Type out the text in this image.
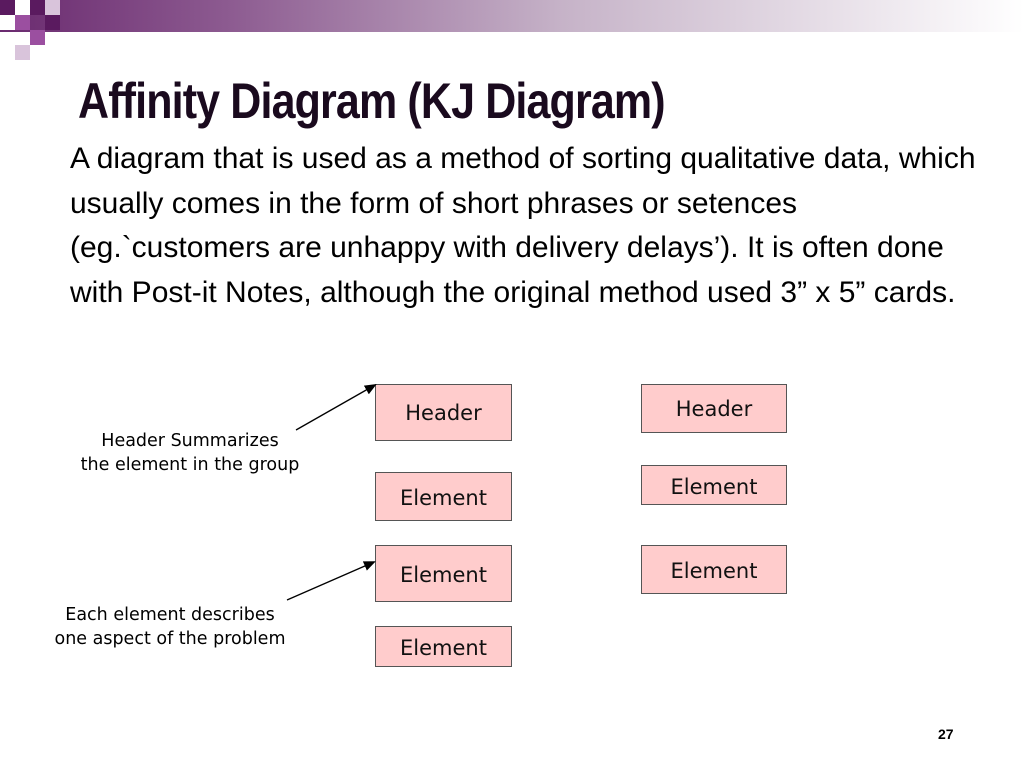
Affinity Diagram (KJ Diagram)
A diagram that is used as a method of sorting qualitative data, which usually comes in the form of short phrases or setences (eg.`customers are unhappy with delivery delays’). It is often done with Post-it Notes, although the original method used 3” x 5” cards.
Header Summarizes
the element in the group
Each element describes
one aspect of the problem
Header
Element
Element
Element
Header
Element
Element
27
